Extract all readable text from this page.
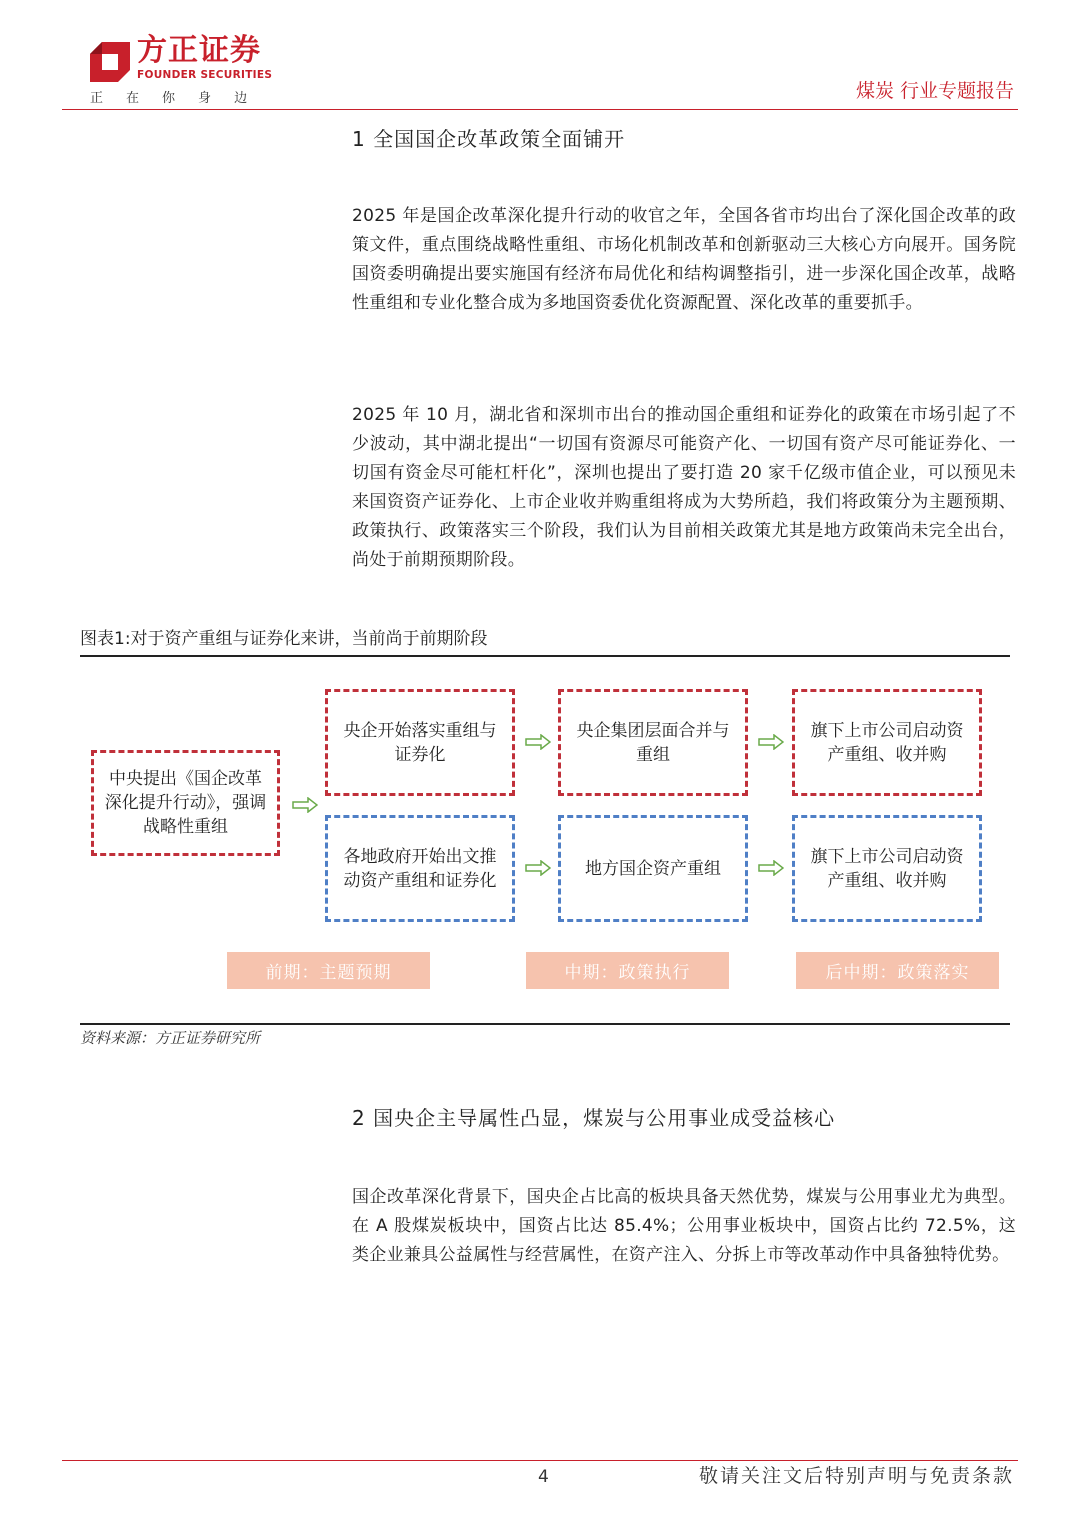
方正证券
FOUNDER SECURITIES
正 在 你 身 边	煤炭 行业专题报告
1 全国国企改革政策全面铺开
2025 年是国企改革深化提升行动的收官之年，全国各省市均出台了深化国企改革的政策文件，重点围绕战略性重组、市场化机制改革和创新驱动三大核心方向展开。国务院国资委明确提出要实施国有经济布局优化和结构调整指引，进一步深化国企改革，战略性重组和专业化整合成为多地国资委优化资源配置、深化改革的重要抓手。
2025 年 10 月，湖北省和深圳市出台的推动国企重组和证券化的政策在市场引起了不少波动，其中湖北提出“一切国有资源尽可能资产化、一切国有资产尽可能证券化、一切国有资金尽可能杠杆化”，深圳也提出了要打造 20 家千亿级市值企业，可以预见未来国资资产证券化、上市企业收并购重组将成为大势所趋，我们将政策分为主题预期、政策执行、政策落实三个阶段，我们认为目前相关政策尤其是地方政策尚未完全出台，尚处于前期预期阶段。
图表1:对于资产重组与证券化来讲，当前尚于前期阶段
中央提出《国企改革深化提升行动》，强调战略性重组
央企开始落实重组与证券化
央企集团层面合并与重组
旗下上市公司启动资产重组、收并购
各地政府开始出文推动资产重组和证券化
地方国企资产重组
旗下上市公司启动资产重组、收并购
前期：主题预期	中期：政策执行	后中期：政策落实
资料来源：方正证券研究所
2 国央企主导属性凸显，煤炭与公用事业成受益核心
国企改革深化背景下，国央企占比高的板块具备天然优势，煤炭与公用事业尤为典型。在 A 股煤炭板块中，国资占比达 85.4%；公用事业板块中，国资占比约 72.5%，这类企业兼具公益属性与经营属性，在资产注入、分拆上市等改革动作中具备独特优势。
4	敬请关注文后特别声明与免责条款
